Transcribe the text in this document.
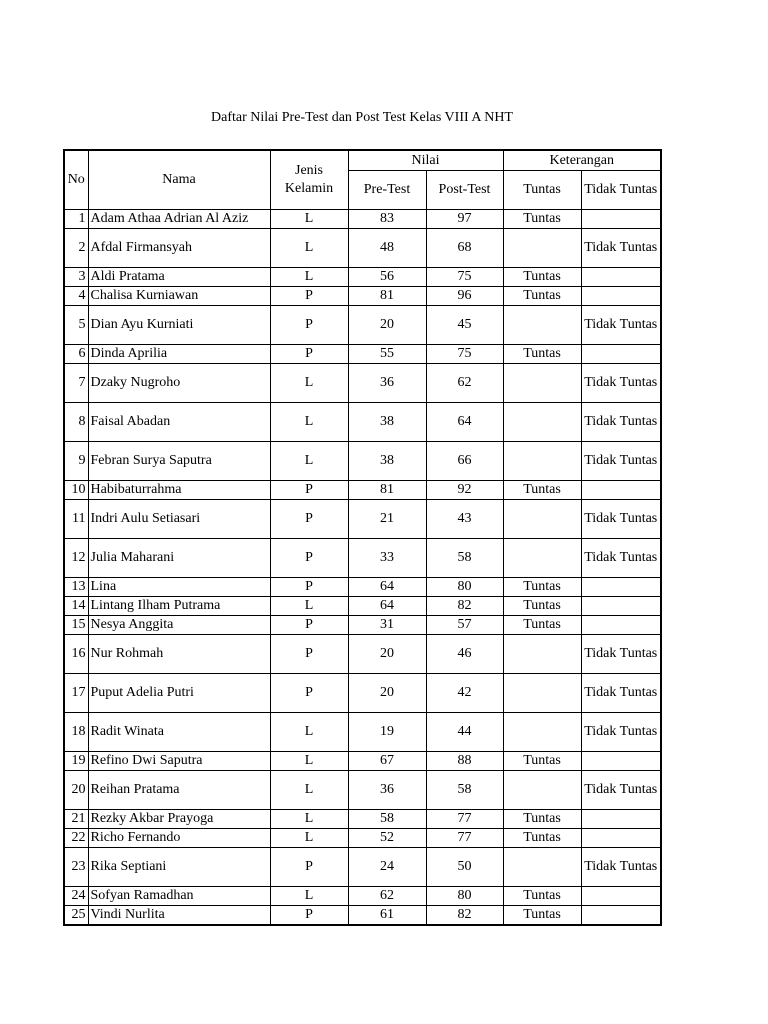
Daftar Nilai Pre-Test dan Post Test Kelas VIII A NHT
No	Nama	Jenis Kelamin	Nilai		Keterangan	
			Pre-Test	Post-Test	Tuntas	Tidak Tuntas
1	Adam Athaa Adrian Al Aziz	L	83	97	Tuntas	
2	Afdal Firmansyah	L	48	68		Tidak Tuntas
3	Aldi Pratama	L	56	75	Tuntas	
4	Chalisa Kurniawan	P	81	96	Tuntas	
5	Dian Ayu Kurniati	P	20	45		Tidak Tuntas
6	Dinda Aprilia	P	55	75	Tuntas	
7	Dzaky Nugroho	L	36	62		Tidak Tuntas
8	Faisal Abadan	L	38	64		Tidak Tuntas
9	Febran Surya Saputra	L	38	66		Tidak Tuntas
10	Habibaturrahma	P	81	92	Tuntas	
11	Indri Aulu Setiasari	P	21	43		Tidak Tuntas
12	Julia Maharani	P	33	58		Tidak Tuntas
13	Lina	P	64	80	Tuntas	
14	Lintang Ilham Putrama	L	64	82	Tuntas	
15	Nesya Anggita	P	31	57	Tuntas	
16	Nur Rohmah	P	20	46		Tidak Tuntas
17	Puput Adelia Putri	P	20	42		Tidak Tuntas
18	Radit Winata	L	19	44		Tidak Tuntas
19	Refino Dwi Saputra	L	67	88	Tuntas	
20	Reihan Pratama	L	36	58		Tidak Tuntas
21	Rezky Akbar Prayoga	L	58	77	Tuntas	
22	Richo Fernando	L	52	77	Tuntas	
23	Rika Septiani	P	24	50		Tidak Tuntas
24	Sofyan Ramadhan	L	62	80	Tuntas	
25	Vindi Nurlita	P	61	82	Tuntas	
